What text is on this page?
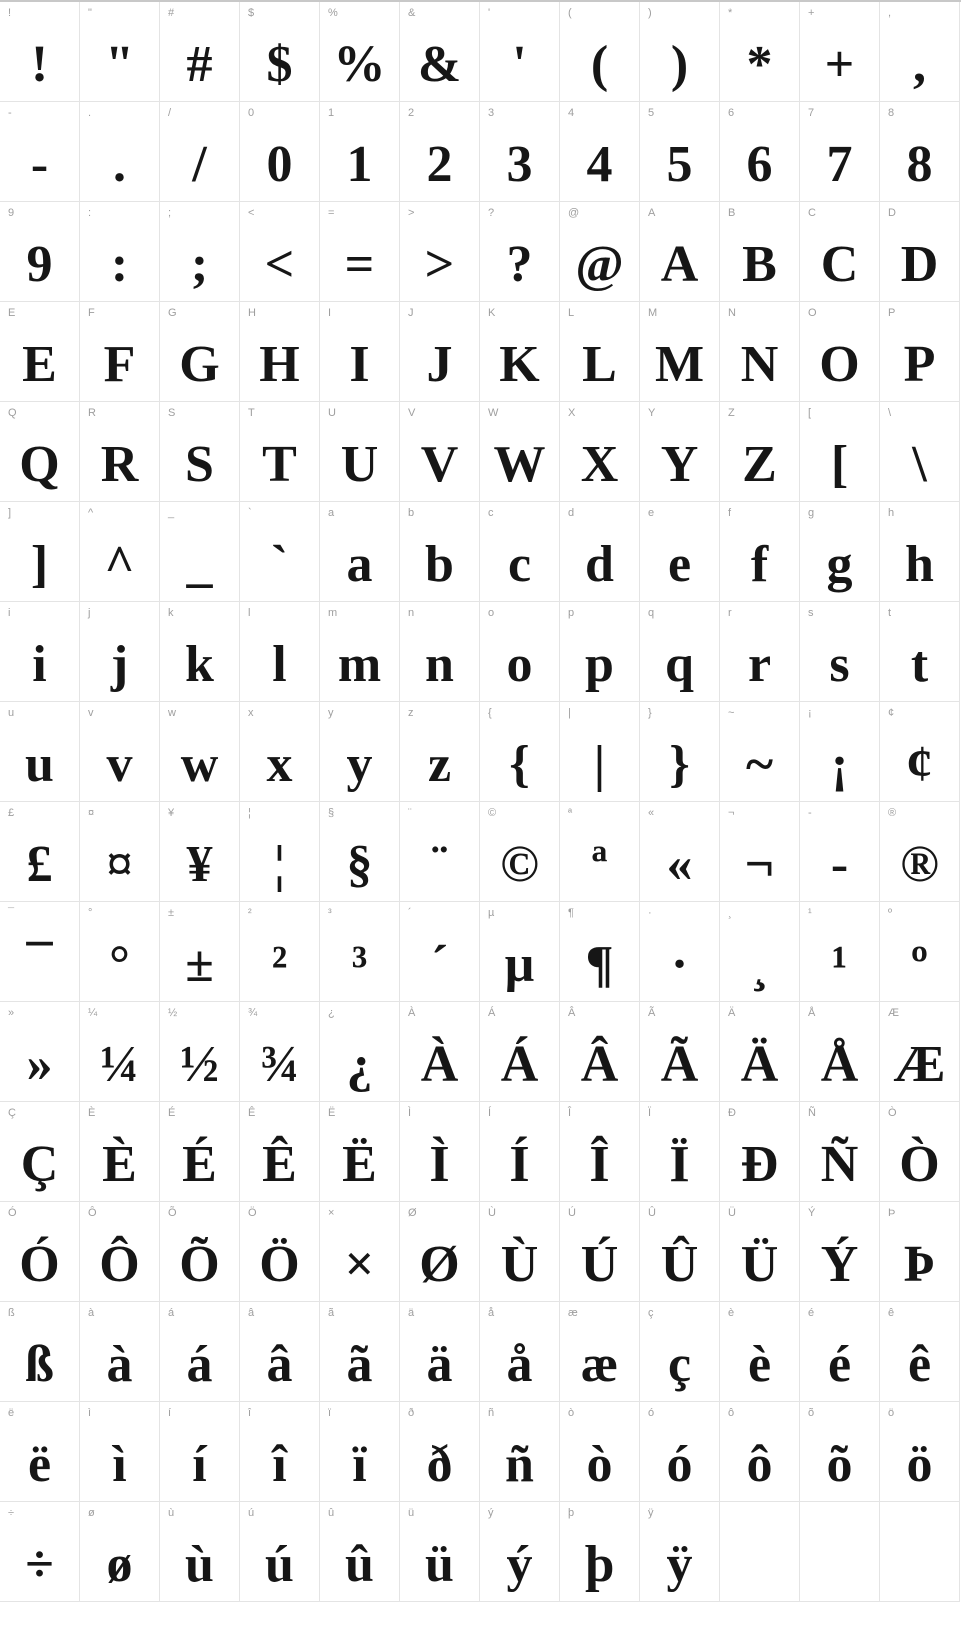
!
!
"
"
#
#
$
$
%
%
&
&
'
'
(
(
)
)
*
*
+
+
,
,
-
-
.
.
/
/
0
0
1
1
2
2
3
3
4
4
5
5
6
6
7
7
8
8
9
9
:
:
;
;
<
<
=
=
>
>
?
?
@
@
A
A
B
B
C
C
D
D
E
E
F
F
G
G
H
H
I
I
J
J
K
K
L
L
M
M
N
N
O
O
P
P
Q
Q
R
R
S
S
T
T
U
U
V
V
W
W
X
X
Y
Y
Z
Z
[
[
\
\
]
]
^
^
_
_
`
`
a
a
b
b
c
c
d
d
e
e
f
f
g
g
h
h
i
i
j
j
k
k
l
l
m
m
n
n
o
o
p
p
q
q
r
r
s
s
t
t
u
u
v
v
w
w
x
x
y
y
z
z
{
{
|
|
}
}
~
~
¡
¡
¢
¢
£
£
¤
¤
¥
¥
¦
¦
§
§
¨
¨
©
©
ª
ª
«
«
¬
¬
-
-
®
®
¯
¯
°
°
±
±
²
²
³
³
´
´
µ
µ
¶
¶
·
·
¸
¸
¹
¹
º
º
»
»
¼
¼
½
½
¾
¾
¿
¿
À
À
Á
Á
Â
Â
Ã
Ã
Ä
Ä
Å
Å
Æ
Æ
Ç
Ç
È
È
É
É
Ê
Ê
Ë
Ë
Ì
Ì
Í
Í
Î
Î
Ï
Ï
Ð
Ð
Ñ
Ñ
Ò
Ò
Ó
Ó
Ô
Ô
Õ
Õ
Ö
Ö
×
×
Ø
Ø
Ù
Ù
Ú
Ú
Û
Û
Ü
Ü
Ý
Ý
Þ
Þ
ß
ß
à
à
á
á
â
â
ã
ã
ä
ä
å
å
æ
æ
ç
ç
è
è
é
é
ê
ê
ë
ë
ì
ì
í
í
î
î
ï
ï
ð
ð
ñ
ñ
ò
ò
ó
ó
ô
ô
õ
õ
ö
ö
÷
÷
ø
ø
ù
ù
ú
ú
û
û
ü
ü
ý
ý
þ
þ
ÿ
ÿ
